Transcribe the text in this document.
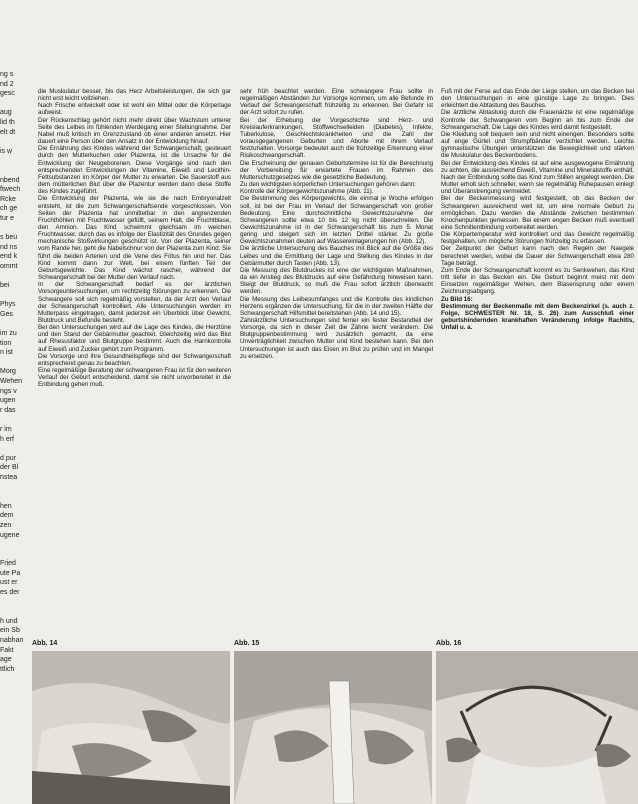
ng s
nd 2
gesc
aug
lid th
elt dt
is w
nbend
ftwech
Rcke
ch ge
tur e
s beu
nd ns
end k
ommt
bei
Phys
Ges
im zu
tion
n ist
Morg
Wehen
ngs v
ugen
r das
r im
h erf
d pur
der Bl
nstea
hen
dem
zen
ugene
Fried
ute Pa
ust er
es der
h und
ein Sb
nabhan
Fakt
age
ttlich

die Muskulatur besser, bis das Herz Arbeitsleistungen, die sich gar nicht erst leicht vollziehen.

Nach Frische entwickelt oder ist wohl ein Mittel oder die Körperlage aufweist.

Der Rückenschlag gehört nicht mehr direkt über Wachstum unterer Seite des Leibes im fühlenden Werdegang einer Stellungnahme. Der Nabel muß kritisch im Grenzzustand ob einer anderen ansetzt. Hier dauert eine Person über den Ansatz in der Entwicklung hinauf.

Die Ernährung des Kindes während der Schwangerschaft, gesteuert durch den Mutterkuchen oder Plazenta, ist die Ursache für die Entwicklung der Neugeborenen. Diese Vorgänge sind nach den entsprechenden Entwicklungen der Vitamine, Eiweiß und Lecithin-Fettsubstanzen im Körper der Mutter zu erwarten. Die Sauerstoff aus dem mütterlichen Blut über die Plazentur werden dann diese Stoffe des Kindes zugeführt.

Die Entwicklung der Plazenta, wie sie die nach Embryonalzeit entsteht, ist die zum Schwangerschaftsende vorgeschlossen. Von Seiten der Plazenta hat unmittelbar in den angrenzenden Fruchthöhlen mit Fruchtwasser gefüllt, seinem Halt, die Fruchtblase, den Amnion. Das Kind schwimmt gleichsam im weichen Fruchtwasser, durch das es infolge der Elastizität des Grundes gegen mechanische Stoßwirkungen geschützt ist. Von der Plazenta, seiner vom Rande her, geht die Nabelschnur von der Plazenta zum Kind. Sie führt die beiden Arterien und die Vene des Fötus hin und her. Das Kind kommt dann zur Welt, bei einem fünften Teil der Geburtsgewichte. Das Kind wächst rascher, während der Schwangerschaft bei der Mutter den Verlauf nach.

In der Schwangerschaft bedarf es der ärztlichen Vorsorgeuntersuchungen, um rechtzeitig Störungen zu erkennen. Die Schwangere soll sich regelmäßig vorstellen, da der Arzt den Verlauf der Schwangerschaft kontrolliert. Alle Untersuchungen werden im Mutterpass eingetragen, damit jederzeit ein Überblick über Gewicht, Blutdruck und Befunde besteht.

Bei den Untersuchungen wird auf die Lage des Kindes, die Herztöne und den Stand der Gebärmutter geachtet. Gleichzeitig wird das Blut auf Rhesusfaktor und Blutgruppe bestimmt. Auch die Harnkontrolle auf Eiweiß und Zucker gehört zum Programm.

Die Vorsorge und ihre Gesundheitspflege sind der Schwangerschaft entsprechend genau zu beachten.

Eine regelmäßige Beratung der schwangeren Frau ist für den weiteren Verlauf der Geburt entscheidend, damit sie nicht unvorbereitet in die Entbindung gehen muß.

sehr früh beachtet werden. Eine schwangere Frau sollte in regelmäßigen Abständen zur Vorsorge kommen, um alle Befunde im Verlauf der Schwangerschaft frühzeitig zu erkennen. Bei Gefahr ist der Arzt sofort zu rufen.

Bei der Erhebung der Vorgeschichte sind Herz- und Kreislauferkrankungen, Stoffwechselleiden (Diabetes), Infekte, Tuberkulose, Geschlechtskrankheiten und die Zahl der vorausgegangenen Geburten und Aborte mit ihrem Verlauf festzuhalten. Vorsorge bedeutet auch die frühzeitige Erkennung einer Risikoschwangerschaft.

Die Erscheinung der genauen Geburtstermine ist für die Berechnung der Vorbereitung für erwartete Frauen im Rahmen des Mutterschutzgesetzes wie die gesetzliche Bedeutung.

Zu den wichtigsten körperlichen Untersuchungen gehören dann:

Kontrolle der Körpergewichtszunahme (Abb. 11).

Die Bestimmung des Körpergewichts, die einmal je Woche erfolgen soll, ist bei der Frau im Verlauf der Schwangerschaft von großer Bedeutung. Eine durchschnittliche Gewichtszunahme der Schwangeren sollte etwa 10 bis 12 kg nicht überschreiten. Die Gewichtszunahme ist in der Schwangerschaft bis zum 5. Monat gering und steigert sich im letzten Drittel stärker. Zu große Gewichtszunahmen deuten auf Wassereinlagerungen hin (Abb. 12).

Die ärztliche Untersuchung des Bauches mit Blick auf die Größe des Leibes und die Ermittlung der Lage und Stellung des Kindes in der Gebärmutter durch Tasten (Abb. 13).

Die Messung des Blutdruckes ist eine der wichtigsten Maßnahmen, da ein Anstieg des Blutdrucks auf eine Gefährdung hinweisen kann. Steigt der Blutdruck, so muß die Frau sofort ärztlich überwacht werden.

Die Messung des Leibesumfanges und die Kontrolle des kindlichen Herzens ergänzen die Untersuchung, für die in der zweiten Hälfte der Schwangerschaft Hilfsmittel bereitstehen (Abb. 14 und 15).

Zahnärztliche Untersuchungen sind ferner ein fester Bestandteil der Vorsorge, da sich in dieser Zeit die Zähne leicht verändern. Die Blutgruppenbestimmung wird zusätzlich gemacht, da eine Unverträglichkeit zwischen Mutter und Kind bestehen kann. Bei den Untersuchungen ist auch das Eisen im Blut zu prüfen und im Mangel zu ersetzen.

Fuß mit der Ferse auf das Ende der Liege stellen, um das Becken bei den Untersuchungen in eine günstige Lage zu bringen. Dies erleichtert die Abtastung des Bauches.

Die ärztliche Abtastung durch die Frauenärzte ist eine regelmäßige Kontrolle der Schwangeren vom Beginn an bis zum Ende der Schwangerschaft. Die Lage des Kindes wird damit festgestellt.

Die Kleidung soll bequem sein und nicht einengen. Besonders sollte auf enge Gürtel und Strumpfbänder verzichtet werden. Leichte gymnastische Übungen unterstützen die Beweglichkeit und stärken die Muskulatur des Beckenbodens.

Bei der Entwicklung des Kindes ist auf eine ausgewogene Ernährung zu achten, die ausreichend Eiweiß, Vitamine und Mineralstoffe enthält. Nach der Entbindung sollte das Kind zum Stillen angelegt werden. Die Mutter erholt sich schneller, wenn sie regelmäßig Ruhepausen einlegt und Überanstrengung vermeidet.

Bei der Beckenmessung wird festgestellt, ob das Becken der Schwangeren ausreichend weit ist, um eine normale Geburt zu ermöglichen. Dazu werden die Abstände zwischen bestimmten Knochenpunkten gemessen. Bei einem engen Becken muß eventuell eine Schnittentbindung vorbereitet werden.

Die Körpertemperatur wird kontrolliert und das Gewicht regelmäßig festgehalten, um mögliche Störungen frühzeitig zu erfassen.

Der Zeitpunkt der Geburt kann nach den Regeln der Naegele berechnet werden, wobei die Dauer der Schwangerschaft etwa 280 Tage beträgt.

Zum Ende der Schwangerschaft kommt es zu Senkwehen, das Kind tritt tiefer in das Becken ein. Die Geburt beginnt meist mit dem Einsetzen regelmäßiger Wehen, dem Blasensprung oder einem Zeichnungsabgang.

Zu Bild 16:

Bestimmung der Beckenmaße mit dem Beckenzirkel (s. auch z. Folge, SCHWESTER Nr. 18, S. 26) zum Ausschluß einer geburtshindernden krankhaften Veränderung infolge Rachitis, Unfall u. a.

Abb. 14	Abb. 15	Abb. 16
